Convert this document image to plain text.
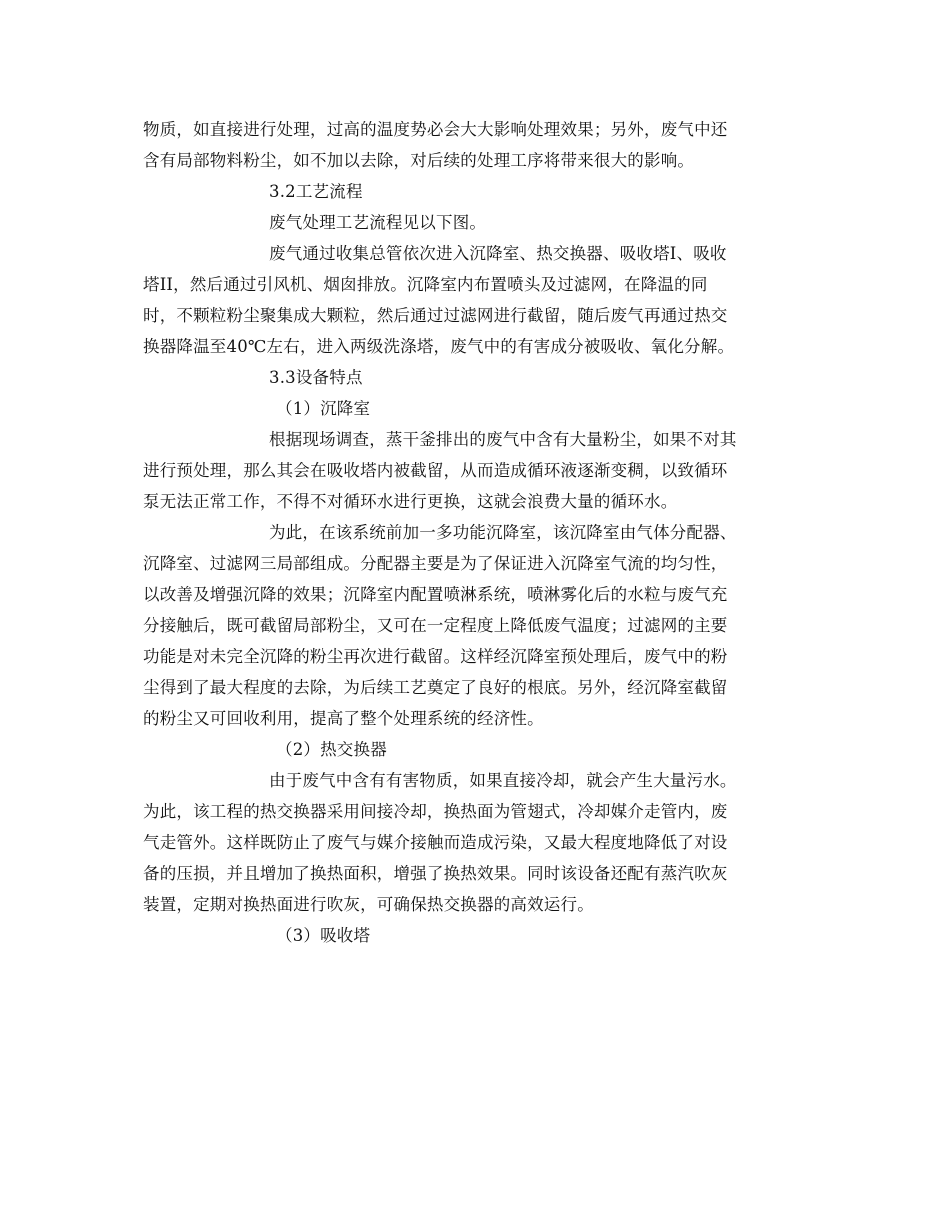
物质，如直接进行处理，过高的温度势必会大大影响处理效果；另外，废气中还
含有局部物料粉尘，如不加以去除，对后续的处理工序将带来很大的影响。
3.2工艺流程
废气处理工艺流程见以下图。
废气通过收集总管依次进入沉降室、热交换器、吸收塔I、吸收
塔II，然后通过引风机、烟囱排放。沉降室内布置喷头及过滤网，在降温的同
时，不颗粒粉尘聚集成大颗粒，然后通过过滤网进行截留，随后废气再通过热交
换器降温至40℃左右，进入两级洗涤塔，废气中的有害成分被吸收、氧化分解。
3.3设备特点
（1）沉降室
根据现场调查，蒸干釜排出的废气中含有大量粉尘，如果不对其
进行预处理，那么其会在吸收塔内被截留，从而造成循环液逐渐变稠，以致循环
泵无法正常工作，不得不对循环水进行更换，这就会浪费大量的循环水。
为此，在该系统前加一多功能沉降室，该沉降室由气体分配器、
沉降室、过滤网三局部组成。分配器主要是为了保证进入沉降室气流的均匀性，
以改善及增强沉降的效果；沉降室内配置喷淋系统，喷淋雾化后的水粒与废气充
分接触后，既可截留局部粉尘，又可在一定程度上降低废气温度；过滤网的主要
功能是对未完全沉降的粉尘再次进行截留。这样经沉降室预处理后，废气中的粉
尘得到了最大程度的去除，为后续工艺奠定了良好的根底。另外，经沉降室截留
的粉尘又可回收利用，提高了整个处理系统的经济性。
（2）热交换器
由于废气中含有有害物质，如果直接冷却，就会产生大量污水。
为此，该工程的热交换器采用间接冷却，换热面为管翅式，冷却媒介走管内，废
气走管外。这样既防止了废气与媒介接触而造成污染，又最大程度地降低了对设
备的压损，并且增加了换热面积，增强了换热效果。同时该设备还配有蒸汽吹灰
装置，定期对换热面进行吹灰，可确保热交换器的高效运行。
（3）吸收塔
